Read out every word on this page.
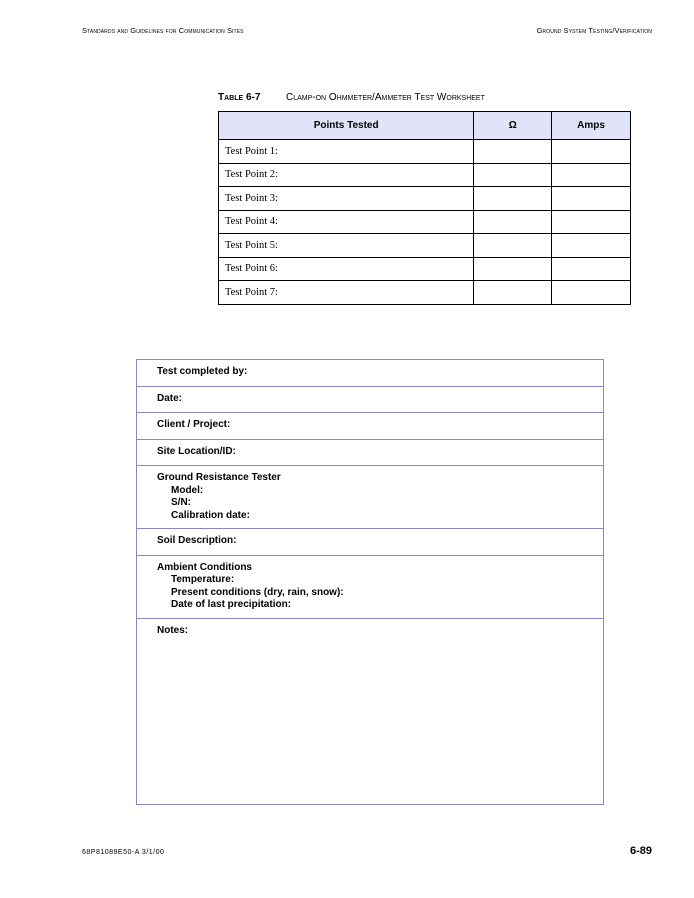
Standards and Guidelines for Communication Sites	Ground System Testing/Verification
Table 6-7	Clamp-on Ohmmeter/Ammeter Test Worksheet
Points Tested	Ω	Amps
Test Point 1:		
Test Point 2:		
Test Point 3:		
Test Point 4:		
Test Point 5:		
Test Point 6:		
Test Point 7:		
Test completed by:
Date:
Client / Project:
Site Location/ID:
Ground Resistance Tester
Model:
S/N:
Calibration date:
Soil Description:
Ambient Conditions
Temperature:
Present conditions (dry, rain, snow):
Date of last precipitation:
Notes:
68P81089E50-A 3/1/00	6-89
